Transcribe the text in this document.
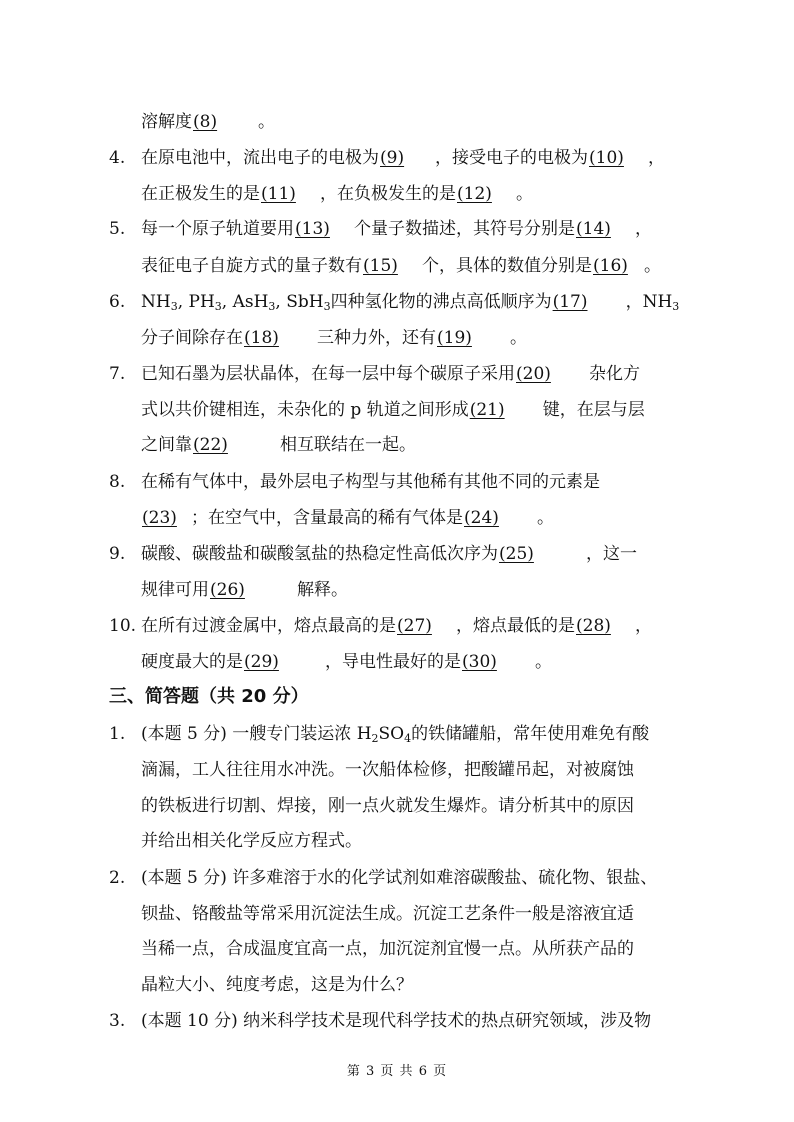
溶解度(8) 。
4. 在原电池中，流出电子的电极为(9) ，接受电子的电极为(10) ，
在正极发生的是(11) ，在负极发生的是(12) 。
5. 每一个原子轨道要用(13) 个量子数描述，其符号分别是(14) ，
表征电子自旋方式的量子数有(15) 个，具体的数值分别是(16) 。
6. $NH_3$, $PH_3$, AsH$_3$, SbH$_3$四种氢化物的沸点高低顺序为(17) ，$NH_3$
分子间除存在(18) 三种力外，还有(19) 。
7. 已知石墨为层状晶体，在每一层中每个碳原子采用(20) 杂化方
式以共价键相连，未杂化的 p 轨道之间形成(21) 键，在层与层
之间靠(22)	相互联结在一起。
8. 在稀有气体中，最外层电子构型与其他稀有其他不同的元素是
(23) ；在空气中，含量最高的稀有气体是(24) 。
9. 碳酸、碳酸盐和碳酸氢盐的热稳定性高低次序为(25)	，这一
规律可用(26)	解释。
10. 在所有过渡金属中，熔点最高的是(27) ，熔点最低的是(28) ，
硬度最大的是(29)	，导电性最好的是(30) 。
三、简答题（共 20 分）
1. (本题 5 分) 一艘专门装运浓 $H_2SO_4$的铁储罐船，常年使用难免有酸
滴漏，工人往往用水冲洗。一次船体检修，把酸罐吊起，对被腐蚀
的铁板进行切割、焊接，刚一点火就发生爆炸。请分析其中的原因
并给出相关化学反应方程式。
2. (本题 5 分) 许多难溶于水的化学试剂如难溶碳酸盐、硫化物、银盐、
钡盐、铬酸盐等常采用沉淀法生成。沉淀工艺条件一般是溶液宜适
当稀一点，合成温度宜高一点，加沉淀剂宜慢一点。从所获产品的
晶粒大小、纯度考虑，这是为什么？
3. (本题 10 分) 纳米科学技术是现代科学技术的热点研究领域，涉及物
第 3 页 共 6 页
